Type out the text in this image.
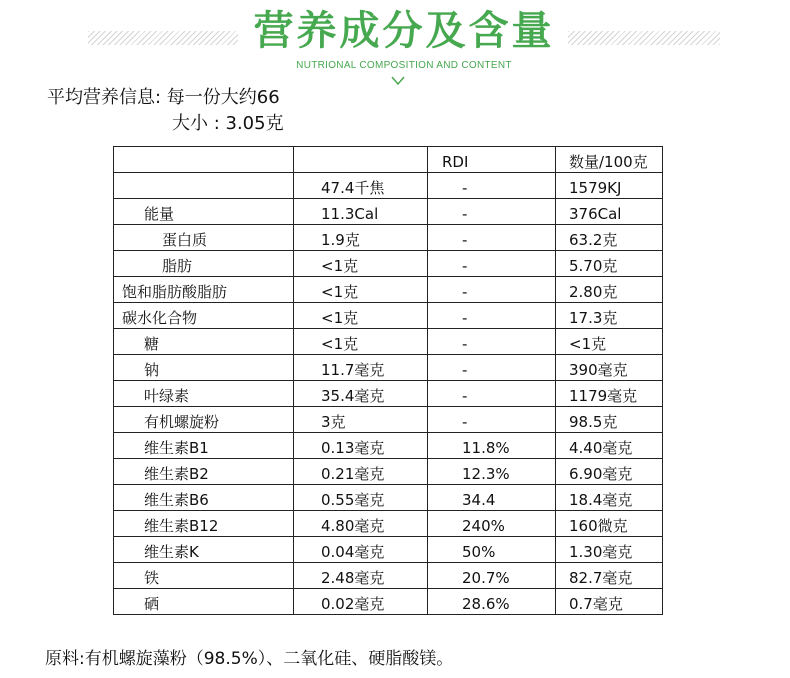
营养成分及含量
NUTRIONAL COMPOSITION AND CONTENT
平均营养信息: 每一份大约66
大小 : 3.05克
		RDI	数量/100克
	47.4千焦	-	1579KJ
能量	11.3Cal	-	376Cal
蛋白质	1.9克	-	63.2克
脂肪	<1克	-	5.70克
饱和脂肪酸脂肪	<1克	-	2.80克
碳水化合物	<1克	-	17.3克
糖	<1克	-	<1克
钠	11.7毫克	-	390毫克
叶绿素	35.4毫克	-	1179毫克
有机螺旋粉	3克	-	98.5克
维生素B1	0.13毫克	11.8%	4.40毫克
维生素B2	0.21毫克	12.3%	6.90毫克
维生素B6	0.55毫克	34.4	18.4毫克
维生素B12	4.80毫克	240%	160微克
维生素K	0.04毫克	50%	1.30毫克
铁	2.48毫克	20.7%	82.7毫克
硒	0.02毫克	28.6%	0.7毫克
原料:有机螺旋藻粉（98.5%）、二氧化硅、硬脂酸镁。
